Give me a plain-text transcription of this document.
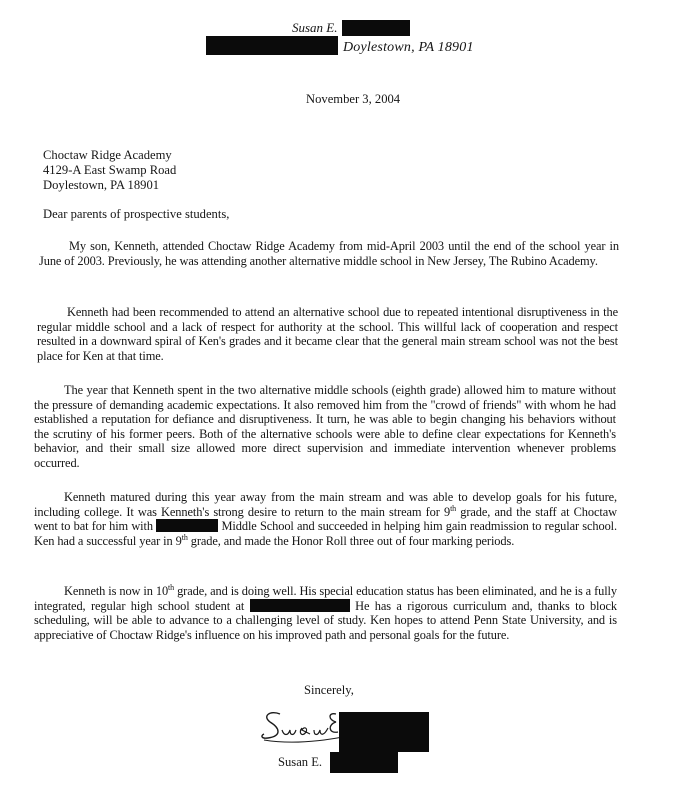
Susan E.
Doylestown, PA 18901
November 3, 2004
Choctaw Ridge Academy
4129-A East Swamp Road
Doylestown, PA 18901
Dear parents of prospective students,
My son, Kenneth, attended Choctaw Ridge Academy from mid-April 2003 until the end of the school year in June of 2003. Previously, he was attending another alternative middle school in New Jersey, The Rubino Academy.
Kenneth had been recommended to attend an alternative school due to repeated intentional disruptiveness in the regular middle school and a lack of respect for authority at the school. This willful lack of cooperation and respect resulted in a downward spiral of Ken's grades and it became clear that the general main stream school was not the best place for Ken at that time.
The year that Kenneth spent in the two alternative middle schools (eighth grade) allowed him to mature without the pressure of demanding academic expectations. It also removed him from the "crowd of friends" with whom he had established a reputation for defiance and disruptiveness. It turn, he was able to begin changing his behaviors without the scrutiny of his former peers. Both of the alternative schools were able to define clear expectations for Kenneth's behavior, and their small size allowed more direct supervision and immediate intervention whenever problems occurred.
Kenneth matured during this year away from the main stream and was able to develop goals for his future, including college. It was Kenneth's strong desire to return to the main stream for 9th grade, and the staff at Choctaw went to bat for him with	Middle School and succeeded in helping him gain readmission to regular school. Ken had a successful year in 9th grade, and made the Honor Roll three out of four marking periods.
Kenneth is now in 10th grade, and is doing well. His special education status has been eliminated, and he is a fully integrated, regular high school student at	He has a rigorous curriculum and, thanks to block scheduling, will be able to advance to a challenging level of study. Ken hopes to attend Penn State University, and is appreciative of Choctaw Ridge's influence on his improved path and personal goals for the future.
Sincerely,
Susan E.
